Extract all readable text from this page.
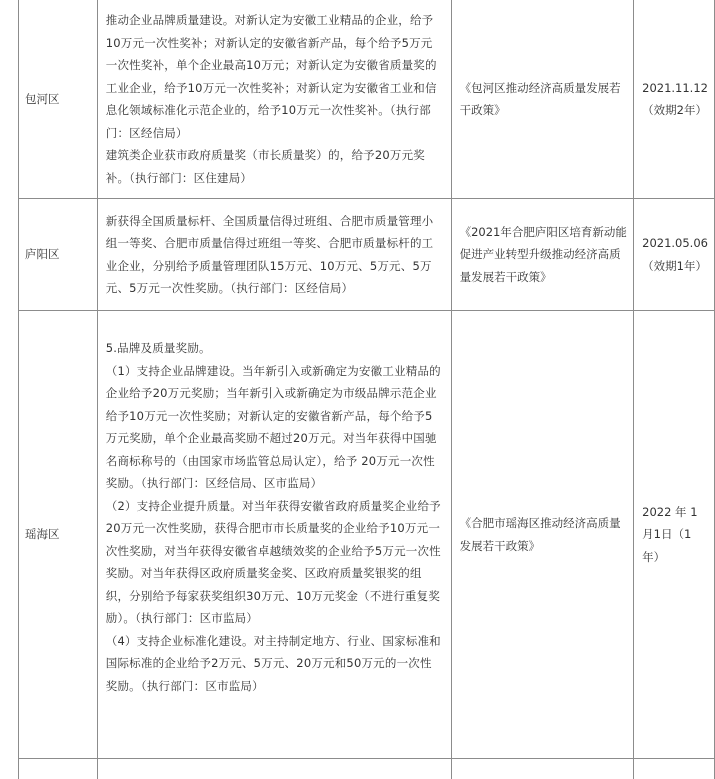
包河区	推动企业品牌质量建设。对新认定为安徽工业精品的企业，给予10万元一次性奖补；对新认定的安徽省新产品，每个给予5万元一次性奖补，单个企业最高10万元；对新认定为安徽省质量奖的工业企业，给予10万元一次性奖补；对新认定为安徽省工业和信息化领域标准化示范企业的，给予10万元一次性奖补。（执行部门：区经信局）
建筑类企业获市政府质量奖（市长质量奖）的，给予20万元奖补。（执行部门：区住建局）	《包河区推动经济高质量发展若干政策》	2021.11.12（效期2年）
庐阳区	新获得全国质量标杆、全国质量信得过班组、合肥市质量管理小组一等奖、合肥市质量信得过班组一等奖、合肥市质量标杆的工业企业，分别给予质量管理团队15万元、10万元、5万元、5万元、5万元一次性奖励。（执行部门：区经信局）	《2021年合肥庐阳区培育新动能促进产业转型升级推动经济高质量发展若干政策》	2021.05.06（效期1年）
瑶海区	5.品牌及质量奖励。
（1）支持企业品牌建设。当年新引入或新确定为安徽工业精品的企业给予20万元奖励；当年新引入或新确定为市级品牌示范企业给予10万元一次性奖励；对新认定的安徽省新产品，每个给予5万元奖励，单个企业最高奖励不超过20万元。对当年获得中国驰名商标称号的（由国家市场监管总局认定），给予 20万元一次性奖励。（执行部门：区经信局、区市监局）
（2）支持企业提升质量。对当年获得安徽省政府质量奖企业给予20万元一次性奖励，获得合肥市市长质量奖的企业给予10万元一次性奖励，对当年获得安徽省卓越绩效奖的企业给予5万元一次性奖励。对当年获得区政府质量奖金奖、区政府质量奖银奖的组织，分别给予每家获奖组织30万元、10万元奖金（不进行重复奖励）。（执行部门：区市监局）
（4）支持企业标准化建设。对主持制定地方、行业、国家标准和国际标准的企业给予2万元、5万元、20万元和50万元的一次性奖励。（执行部门：区市监局）	《合肥市瑶海区推动经济高质量发展若干政策》	2022 年 1 月1日（1 年）
